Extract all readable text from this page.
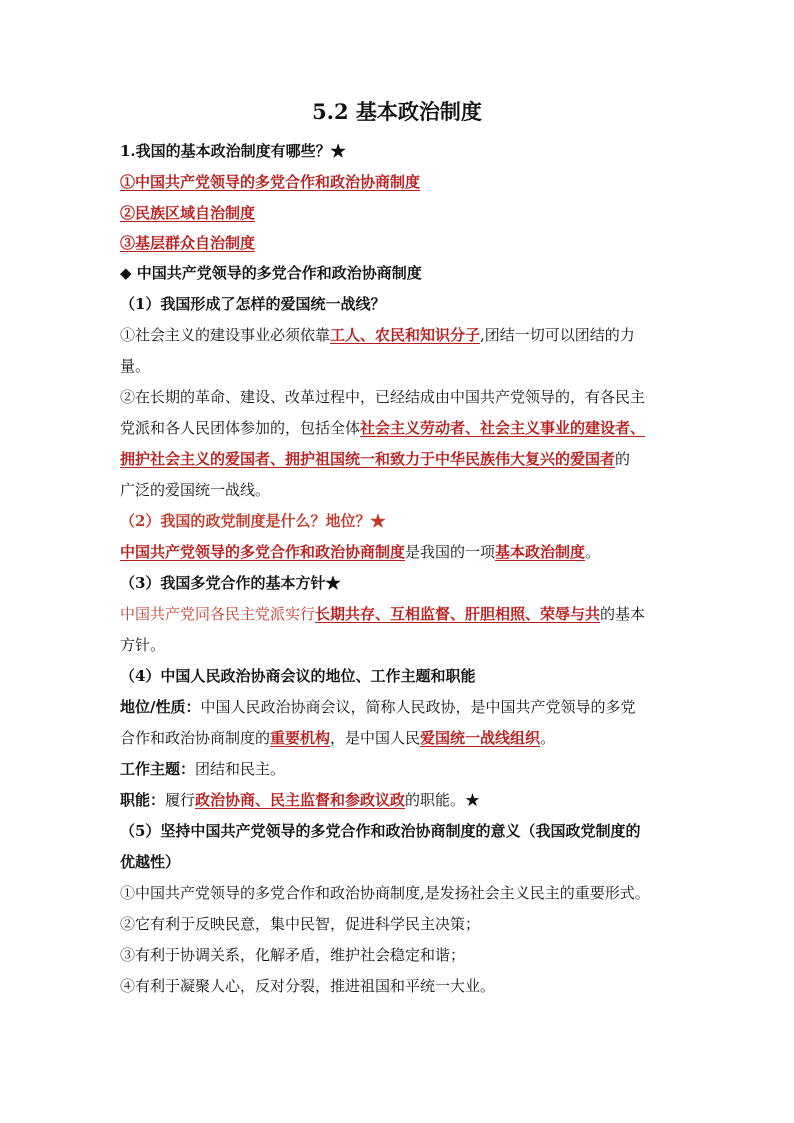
5.2 基本政治制度
1.我国的基本政治制度有哪些？★
①中国共产党领导的多党合作和政治协商制度
②民族区域自治制度
③基层群众自治制度
◆ 中国共产党领导的多党合作和政治协商制度
（1）我国形成了怎样的爱国统一战线？
①社会主义的建设事业必须依靠工人、农民和知识分子,团结一切可以团结的力
量。
②在长期的革命、建设、改革过程中，已经结成由中国共产党领导的，有各民主
党派和各人民团体参加的，包括全体社会主义劳动者、社会主义事业的建设者、
拥护社会主义的爱国者、拥护祖国统一和致力于中华民族伟大复兴的爱国者的
广泛的爱国统一战线。
（2）我国的政党制度是什么？地位？★
中国共产党领导的多党合作和政治协商制度是我国的一项基本政治制度。
（3）我国多党合作的基本方针★
中国共产党同各民主党派实行长期共存、互相监督、肝胆相照、荣辱与共的基本
方针。
（4）中国人民政治协商会议的地位、工作主题和职能
地位/性质：中国人民政治协商会议，简称人民政协，是中国共产党领导的多党
合作和政治协商制度的重要机构，是中国人民爱国统一战线组织。
工作主题：团结和民主。
职能：履行政治协商、民主监督和参政议政的职能。★
（5）坚持中国共产党领导的多党合作和政治协商制度的意义（我国政党制度的
优越性）
①中国共产党领导的多党合作和政治协商制度,是发扬社会主义民主的重要形式。
②它有利于反映民意，集中民智，促进科学民主决策；
③有利于协调关系，化解矛盾，维护社会稳定和谐；
④有利于凝聚人心，反对分裂，推进祖国和平统一大业。
